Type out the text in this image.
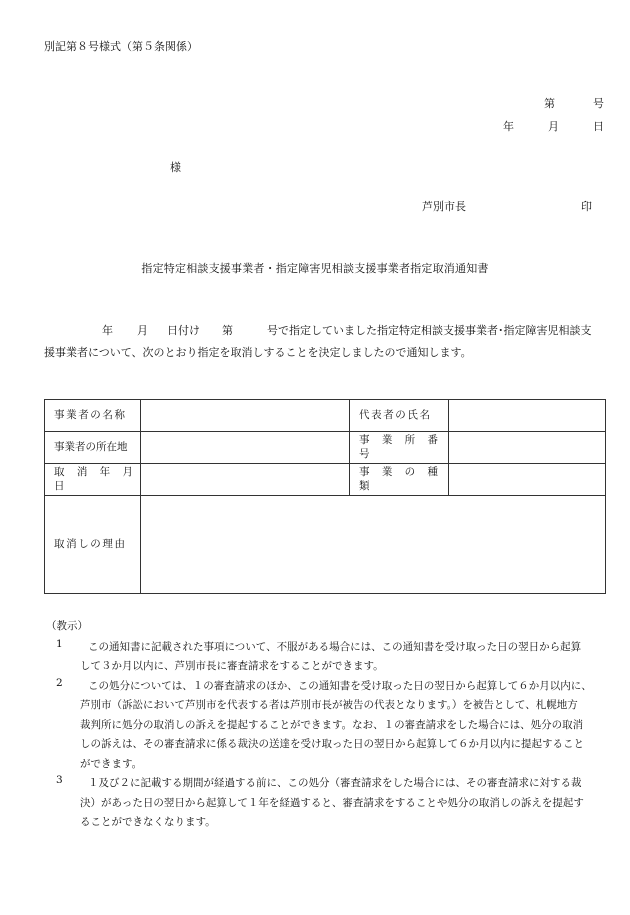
別記第８号様式（第５条関係）
第	号
年	月	日
様
芦別市長	印
指定特定相談支援事業者・指定障害児相談支援事業者指定取消通知書
年 月 日付け 第	号で指定していました指定特定相談支援事業者･指定障害児相談支
援事業者について、次のとおり指定を取消しすることを決定しましたので通知します。
事業者の名称		代表者の氏名	
事業者の所在地		事 業 所 番 号	
取 消 年 月 日		事 業 の 種 類	
取消しの理由			
（教示）
1	この通知書に記載された事項について、不服がある場合には、この通知書を受け取った日の翌日から起算
して３か月以内に、芦別市長に審査請求をすることができます。
2	この処分については、１の審査請求のほか、この通知書を受け取った日の翌日から起算して６か月以内に、
芦別市（訴訟において芦別市を代表する者は芦別市長が被告の代表となります。）を被告として、札幌地方
裁判所に処分の取消しの訴えを提起することができます。なお、１の審査請求をした場合には、処分の取消
しの訴えは、その審査請求に係る裁決の送達を受け取った日の翌日から起算して６か月以内に提起すること
ができます。
3	１及び２に記載する期間が経過する前に、この処分（審査請求をした場合には、その審査請求に対する裁
決）があった日の翌日から起算して１年を経過すると、審査請求をすることや処分の取消しの訴えを提起す
ることができなくなります。
